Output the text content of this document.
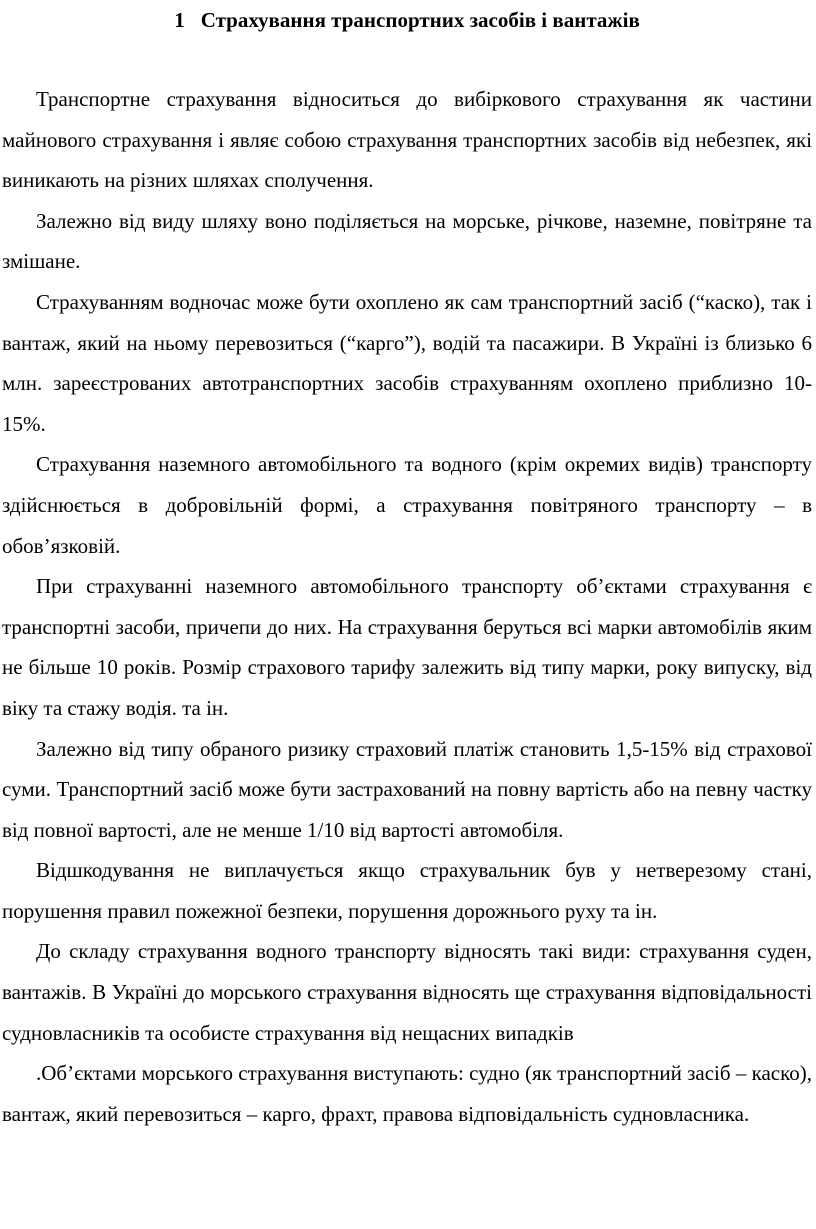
1 Страхування транспортних засобів і вантажів

Транспортне страхування відноситься до вибіркового страхування як частини майнового страхування і являє собою страхування транспортних засобів від небезпек, які виникають на різних шляхах сполучення.

Залежно від виду шляху воно поділяється на морське, річкове, наземне, повітряне та змішане.

Страхуванням водночас може бути охоплено як сам транспортний засіб (“каско), так і вантаж, який на ньому перевозиться (“карго”), водій та пасажири. В Україні із близько 6 млн. зареєстрованих автотранспортних засобів страхуванням охоплено приблизно 10-15%.

Страхування наземного автомобільного та водного (крім окремих видів) транспорту здійснюється в добровільній формі, а страхування повітряного транспорту – в обов’язковій.

При страхуванні наземного автомобільного транспорту об’єктами страхування є транспортні засоби, причепи до них. На страхування беруться всі марки автомобілів яким не більше 10 років. Розмір страхового тарифу залежить від типу марки, року випуску, від віку та стажу водія. та ін.

Залежно від типу обраного ризику страховий платіж становить 1,5-15% від страхової суми. Транспортний засіб може бути застрахований на повну вартість або на певну частку від повної вартості, але не менше 1/10 від вартості автомобіля.

Відшкодування не виплачується якщо страхувальник був у нетверезому стані, порушення правил пожежної безпеки, порушення дорожнього руху та ін.

До складу страхування водного транспорту відносять такі види: страхування суден, вантажів. В Україні до морського страхування відносять ще страхування відповідальності судновласників та особисте страхування від нещасних випадків

.Об’єктами морського страхування виступають: судно (як транспортний засіб – каско), вантаж, який перевозиться – карго, фрахт, правова відповідальність судновласника.
